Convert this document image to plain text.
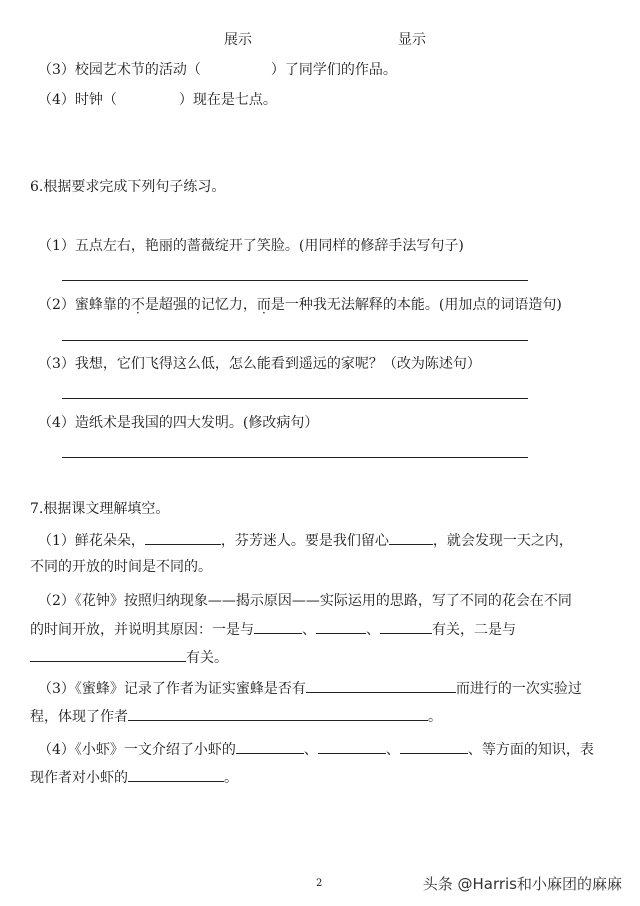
展示	显示
（3）校园艺术节的活动（	）了同学们的作品。
（4）时钟（	）现在是七点。
6.根据要求完成下列句子练习。
（1）五点左右，艳丽的蔷薇绽开了笑脸。(用同样的修辞手法写句子)
（2）蜜蜂靠的不是超强的记忆力，而是一种我无法解释的本能。(用加点的词语造句)
（3）我想，它们飞得这么低，怎么能看到遥远的家呢？（改为陈述句）
（4）造纸术是我国的四大发明。(修改病句）
7.根据课文理解填空。
（1）鲜花朵朵，	，芬芳迷人。要是我们留心	，就会发现一天之内，
不同的开放的时间是不同的。
（2）《花钟》按照归纳现象——揭示原因——实际运用的思路，写了不同的花会在不同
的时间开放，并说明其原因：一是与	、	、	有关，二是与
有关。
（3）《蜜蜂》记录了作者为证实蜜蜂是否有	而进行的一次实验过
程，体现了作者	。
（4）《小虾》一文介绍了小虾的	、	、	、等方面的知识，表
现作者对小虾的	。
2	头条 @Harris和小麻团的麻麻
